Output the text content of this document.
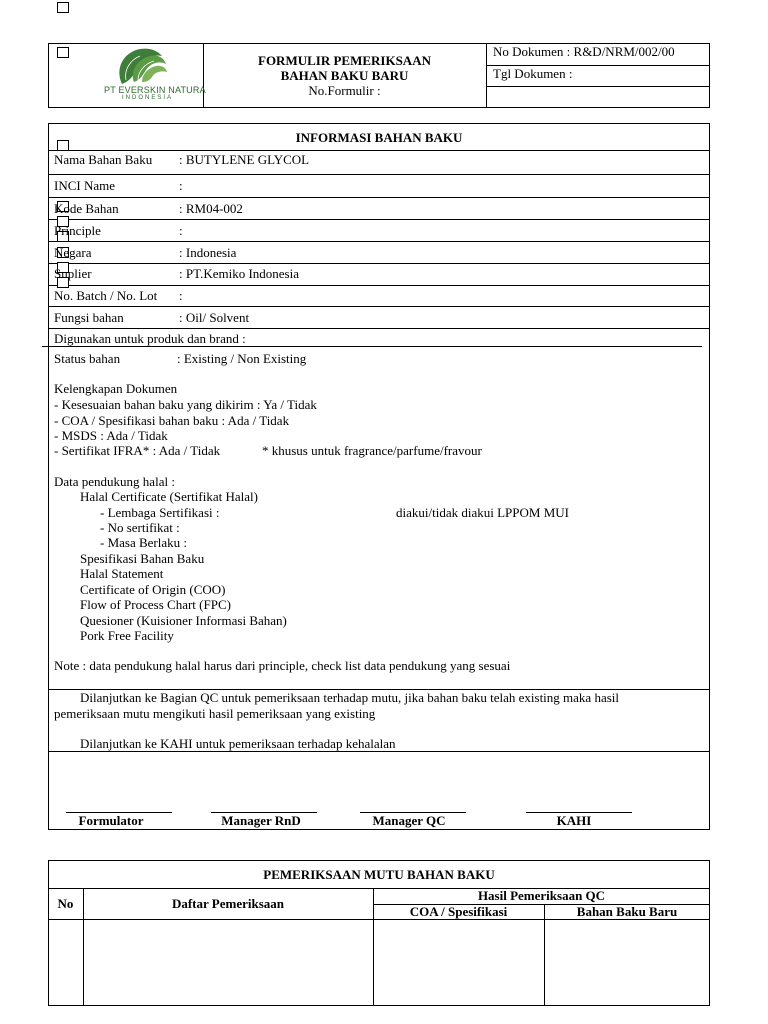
PT EVERSKIN NATURA
INDONESIA
FORMULIR PEMERIKSAAN
BAHAN BAKU BARU
No.Formulir :
No Dokumen : R&D/NRM/002/00
Tgl Dokumen :
INFORMASI BAHAN BAKU
Nama Bahan Baku : BUTYLENE GLYCOL
INCI Name	:
Kode Bahan	: RM04-002
Principle	:
Negara	: Indonesia
Suplier	: PT.Kemiko Indonesia
No. Batch / No. Lot :
Fungsi bahan	: Oil/ Solvent
Digunakan untuk produk dan brand :
Status bahan	: Existing / Non Existing
Kelengkapan Dokumen
- Kesesuaian bahan baku yang dikirim : Ya / Tidak
- COA / Spesifikasi bahan baku : Ada / Tidak
- MSDS : Ada / Tidak
- Sertifikat IFRA* : Ada / Tidak	* khusus untuk fragrance/parfume/fravour
Data pendukung halal :
Halal Certificate (Sertifikat Halal)
- Lembaga Sertifikasi :	diakui/tidak diakui LPPOM MUI
- No sertifikat :
- Masa Berlaku :
Spesifikasi Bahan Baku
Halal Statement
Certificate of Origin (COO)
Flow of Process Chart (FPC)
Quesioner (Kuisioner Informasi Bahan)
Pork Free Facility
Note : data pendukung halal harus dari principle, check list data pendukung yang sesuai
Dilanjutkan ke Bagian QC untuk pemeriksaan terhadap mutu, jika bahan baku telah existing maka hasil
pemeriksaan mutu mengikuti hasil pemeriksaan yang existing
Dilanjutkan ke KAHI untuk pemeriksaan terhadap kehalalan
Formulator	Manager RnD	Manager QC	KAHI
PEMERIKSAAN MUTU BAHAN BAKU
No	Daftar Pemeriksaan
Hasil Pemeriksaan QC
COA / Spesifikasi	Bahan Baku Baru
